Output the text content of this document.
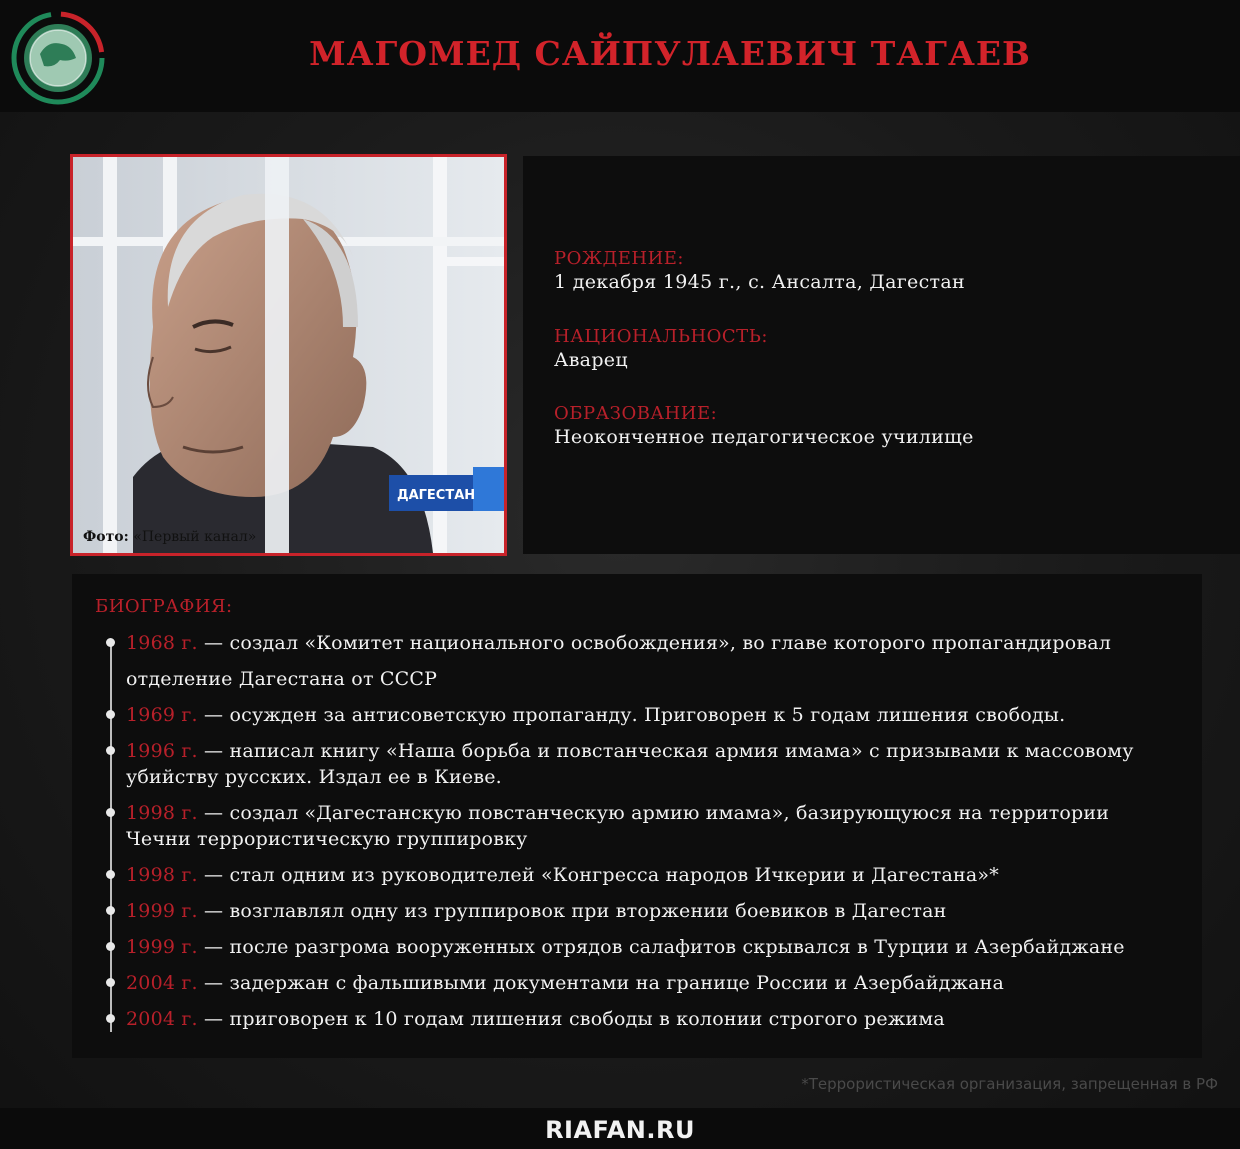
МАГОМЕД САЙПУЛАЕВИЧ ТАГАЕВ
ДАГЕСТАН
Фото: «Первый канал»
РОЖДЕНИЕ:
1 декабря 1945 г., с. Ансалта, Дагестан
НАЦИОНАЛЬНОСТЬ:
Аварец
ОБРАЗОВАНИЕ:
Неоконченное педагогическое училище
БИОГРАФИЯ:
1968 г. — создал «Комитет национального освобождения», во главе которого пропагандировал
отделение Дагестана от СССР
1969 г. — осужден за антисоветскую пропаганду. Приговорен к 5 годам лишения свободы.
1996 г. — написал книгу «Наша борьба и повстанческая армия имама» с призывами к массовому
убийству русских. Издал ее в Киеве.
1998 г. — создал «Дагестанскую повстанческую армию имама», базирующуюся на территории
Чечни террористическую группировку
1998 г. — стал одним из руководителей «Конгресса народов Ичкерии и Дагестана»*
1999 г. — возглавлял одну из группировок при вторжении боевиков в Дагестан
1999 г. — после разгрома вооруженных отрядов салафитов скрывался в Турции и Азербайджане
2004 г. — задержан с фальшивыми документами на границе России и Азербайджана
2004 г. — приговорен к 10 годам лишения свободы в колонии строгого режима
*Террористическая организация, запрещенная в РФ
RIAFAN.RU
